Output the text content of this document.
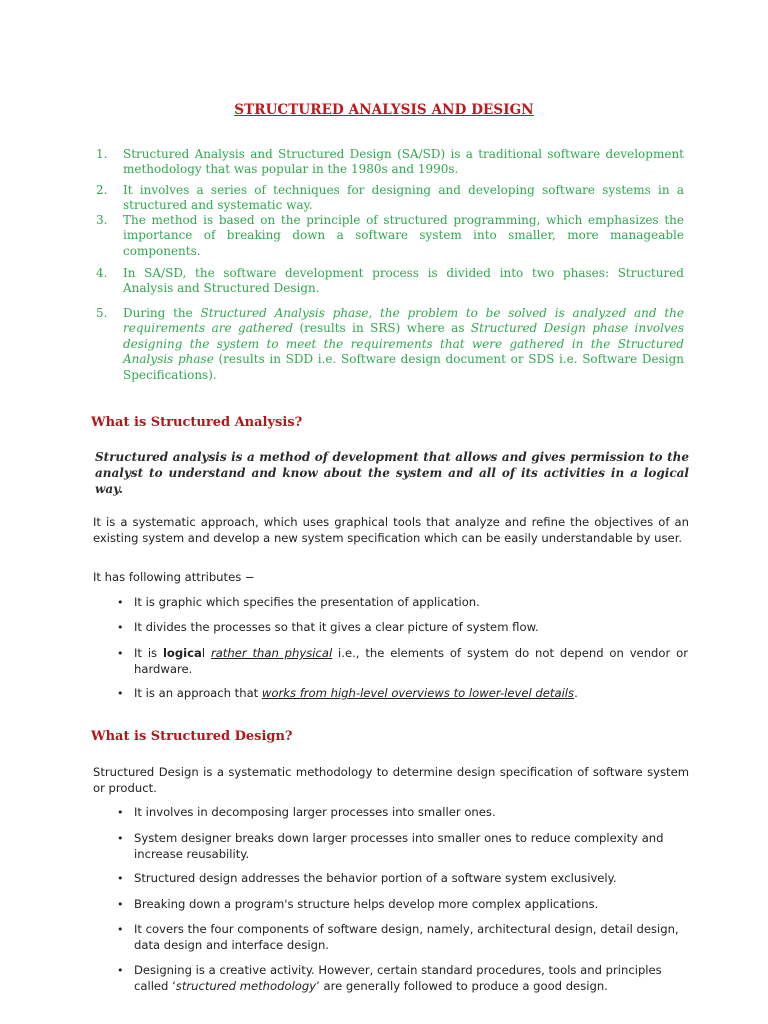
STRUCTURED ANALYSIS AND DESIGN
1.	Structured Analysis and Structured Design (SA/SD) is a traditional software development methodology that was popular in the 1980s and 1990s.
2.	It involves a series of techniques for designing and developing software systems in a structured and systematic way.
3.	The method is based on the principle of structured programming, which emphasizes the importance of breaking down a software system into smaller, more manageable components.
4.	In SA/SD, the software development process is divided into two phases: Structured Analysis and Structured Design.
5.	During the Structured Analysis phase, the problem to be solved is analyzed and the requirements are gathered (results in SRS) where as Structured Design phase involves designing the system to meet the requirements that were gathered in the Structured Analysis phase (results in SDD i.e. Software design document or SDS i.e. Software Design Specifications).
What is Structured Analysis?
Structured analysis is a method of development that allows and gives permission to the analyst to understand and know about the system and all of its activities in a logical way.
It is a systematic approach, which uses graphical tools that analyze and refine the objectives of an existing system and develop a new system specification which can be easily understandable by user.
It has following attributes −
• It is graphic which specifies the presentation of application.
• It divides the processes so that it gives a clear picture of system flow.
• It is logical rather than physical i.e., the elements of system do not depend on vendor or hardware.
• It is an approach that works from high-level overviews to lower-level details.
What is Structured Design?
Structured Design is a systematic methodology to determine design specification of software system or product.
• It involves in decomposing larger processes into smaller ones.
• System designer breaks down larger processes into smaller ones to reduce complexity and increase reusability.
• Structured design addresses the behavior portion of a software system exclusively.
• Breaking down a program's structure helps develop more complex applications.
• It covers the four components of software design, namely, architectural design, detail design, data design and interface design.
• Designing is a creative activity. However, certain standard procedures, tools and principles called ‘structured methodology’ are generally followed to produce a good design.
